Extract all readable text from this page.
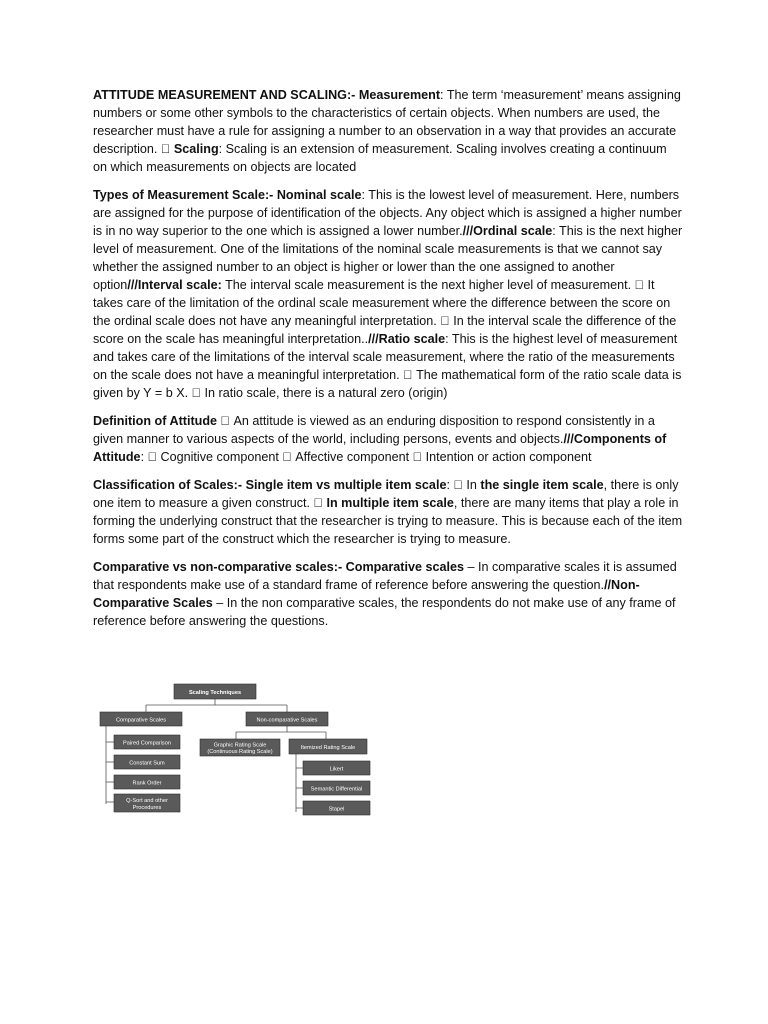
ATTITUDE MEASUREMENT AND SCALING:- Measurement: The term ‘measurement’ means assigning numbers or some other symbols to the characteristics of certain objects. When numbers are used, the researcher must have a rule for assigning a number to an observation in a way that provides an accurate description. Scaling: Scaling is an extension of measurement. Scaling involves creating a continuum on which measurements on objects are located

Types of Measurement Scale:- Nominal scale: This is the lowest level of measurement. Here, numbers are assigned for the purpose of identification of the objects. Any object which is assigned a higher number is in no way superior to the one which is assigned a lower number.///Ordinal scale: This is the next higher level of measurement. One of the limitations of the nominal scale measurements is that we cannot say whether the assigned number to an object is higher or lower than the one assigned to another option///Interval scale: The interval scale measurement is the next higher level of measurement. It takes care of the limitation of the ordinal scale measurement where the difference between the score on the ordinal scale does not have any meaningful interpretation. In the interval scale the difference of the score on the scale has meaningful interpretation..///Ratio scale: This is the highest level of measurement and takes care of the limitations of the interval scale measurement, where the ratio of the measurements on the scale does not have a meaningful interpretation. The mathematical form of the ratio scale data is given by Y = b X. In ratio scale, there is a natural zero (origin)

Definition of Attitude An attitude is viewed as an enduring disposition to respond consistently in a given manner to various aspects of the world, including persons, events and objects.///Components of Attitude: Cognitive component Affective component Intention or action component

Classification of Scales:- Single item vs multiple item scale: In the single item scale, there is only one item to measure a given construct. In multiple item scale, there are many items that play a role in forming the underlying construct that the researcher is trying to measure. This is because each of the item forms some part of the construct which the researcher is trying to measure.

Comparative vs non-comparative scales:- Comparative scales – In comparative scales it is assumed that respondents make use of a standard frame of reference before answering the question.//Non-Comparative Scales – In the non comparative scales, the respondents do not make use of any frame of reference before answering the questions.

Scaling Techniques
Comparative Scales
Paired Comparison
Constant Sum
Rank Order
Q-Sort and other
Procedures
Non-comparative Scales
Graphic Rating Scale
(Continuous Rating Scale)
Itemized Rating Scale
Likert
Semantic Differential
Stapel
